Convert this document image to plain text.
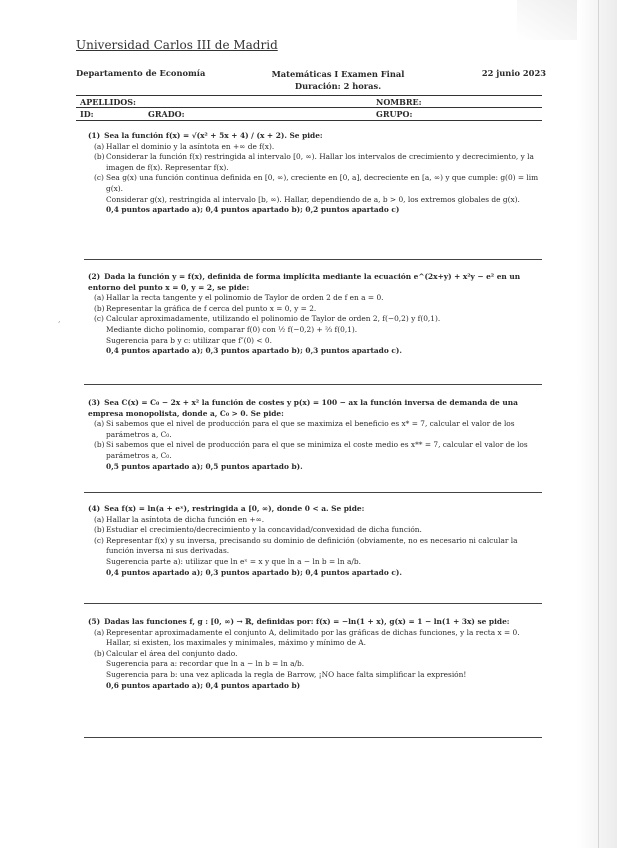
Universidad Carlos III de Madrid
Departamento de Economía	Matemáticas I Examen Final
Duración: 2 horas.
22 junio 2023
APELLIDOS:	NOMBRE:
ID:	GRADO:	GRUPO:
(1) Sea la función f(x) = √(x² + 5x + 4) / (x + 2). Se pide:
(a) Hallar el dominio y la asíntota en +∞ de f(x).
(b) Considerar la función f(x) restringida al intervalo [0, ∞). Hallar los intervalos de crecimiento y decrecimiento, y la imagen de f(x). Representar f(x).
(c) Sea g(x) una función continua definida en [0, ∞), creciente en [0, a], decreciente en [a, ∞) y que cumple: g(0) = lim g(x).
Considerar g(x), restringida al intervalo [b, ∞). Hallar, dependiendo de a, b > 0, los extremos globales de g(x).
0,4 puntos apartado a); 0,4 puntos apartado b); 0,2 puntos apartado c)
(2) Dada la función y = f(x), definida de forma implícita mediante la ecuación e^(2x+y) + x²y − e² en un entorno del punto x = 0, y = 2, se pide:
(a) Hallar la recta tangente y el polinomio de Taylor de orden 2 de f en a = 0.
(b) Representar la gráfica de f cerca del punto x = 0, y = 2.
(c) Calcular aproximadamente, utilizando el polinomio de Taylor de orden 2, f(−0,2) y f(0,1).
Mediante dicho polinomio, comparar f(0) con ½ f(−0,2) + ⅔ f(0,1).
Sugerencia para b y c: utilizar que f″(0) < 0.
0,4 puntos apartado a); 0,3 puntos apartado b); 0,3 puntos apartado c).
(3) Sea C(x) = C₀ − 2x + x² la función de costes y p(x) = 100 − ax la función inversa de demanda de una empresa monopolista, donde a, C₀ > 0. Se pide:
(a) Si sabemos que el nivel de producción para el que se maximiza el beneficio es x* = 7, calcular el valor de los parámetros a, C₀.
(b) Si sabemos que el nivel de producción para el que se minimiza el coste medio es x** = 7, calcular el valor de los parámetros a, C₀.
0,5 puntos apartado a); 0,5 puntos apartado b).
(4) Sea f(x) = ln(a + eˣ), restringida a [0, ∞), donde 0 < a. Se pide:
(a) Hallar la asíntota de dicha función en +∞.
(b) Estudiar el crecimiento/decrecimiento y la concavidad/convexidad de dicha función.
(c) Representar f(x) y su inversa, precisando su dominio de definición (obviamente, no es necesario ni calcular la función inversa ni sus derivadas.
Sugerencia parte a): utilizar que ln eˣ = x y que ln a − ln b = ln a/b.
0,4 puntos apartado a); 0,3 puntos apartado b); 0,4 puntos apartado c).
(5) Dadas las funciones f, g : [0, ∞) → ℝ, definidas por: f(x) = −ln(1 + x), g(x) = 1 − ln(1 + 3x) se pide:
(a) Representar aproximadamente el conjunto A, delimitado por las gráficas de dichas funciones, y la recta x = 0.
Hallar, si existen, los maximales y minimales, máximo y mínimo de A.
(b) Calcular el área del conjunto dado.
Sugerencia para a: recordar que ln a − ln b = ln a/b.
Sugerencia para b: una vez aplicada la regla de Barrow, ¡NO hace falta simplificar la expresión!
0,6 puntos apartado a); 0,4 puntos apartado b)
,
